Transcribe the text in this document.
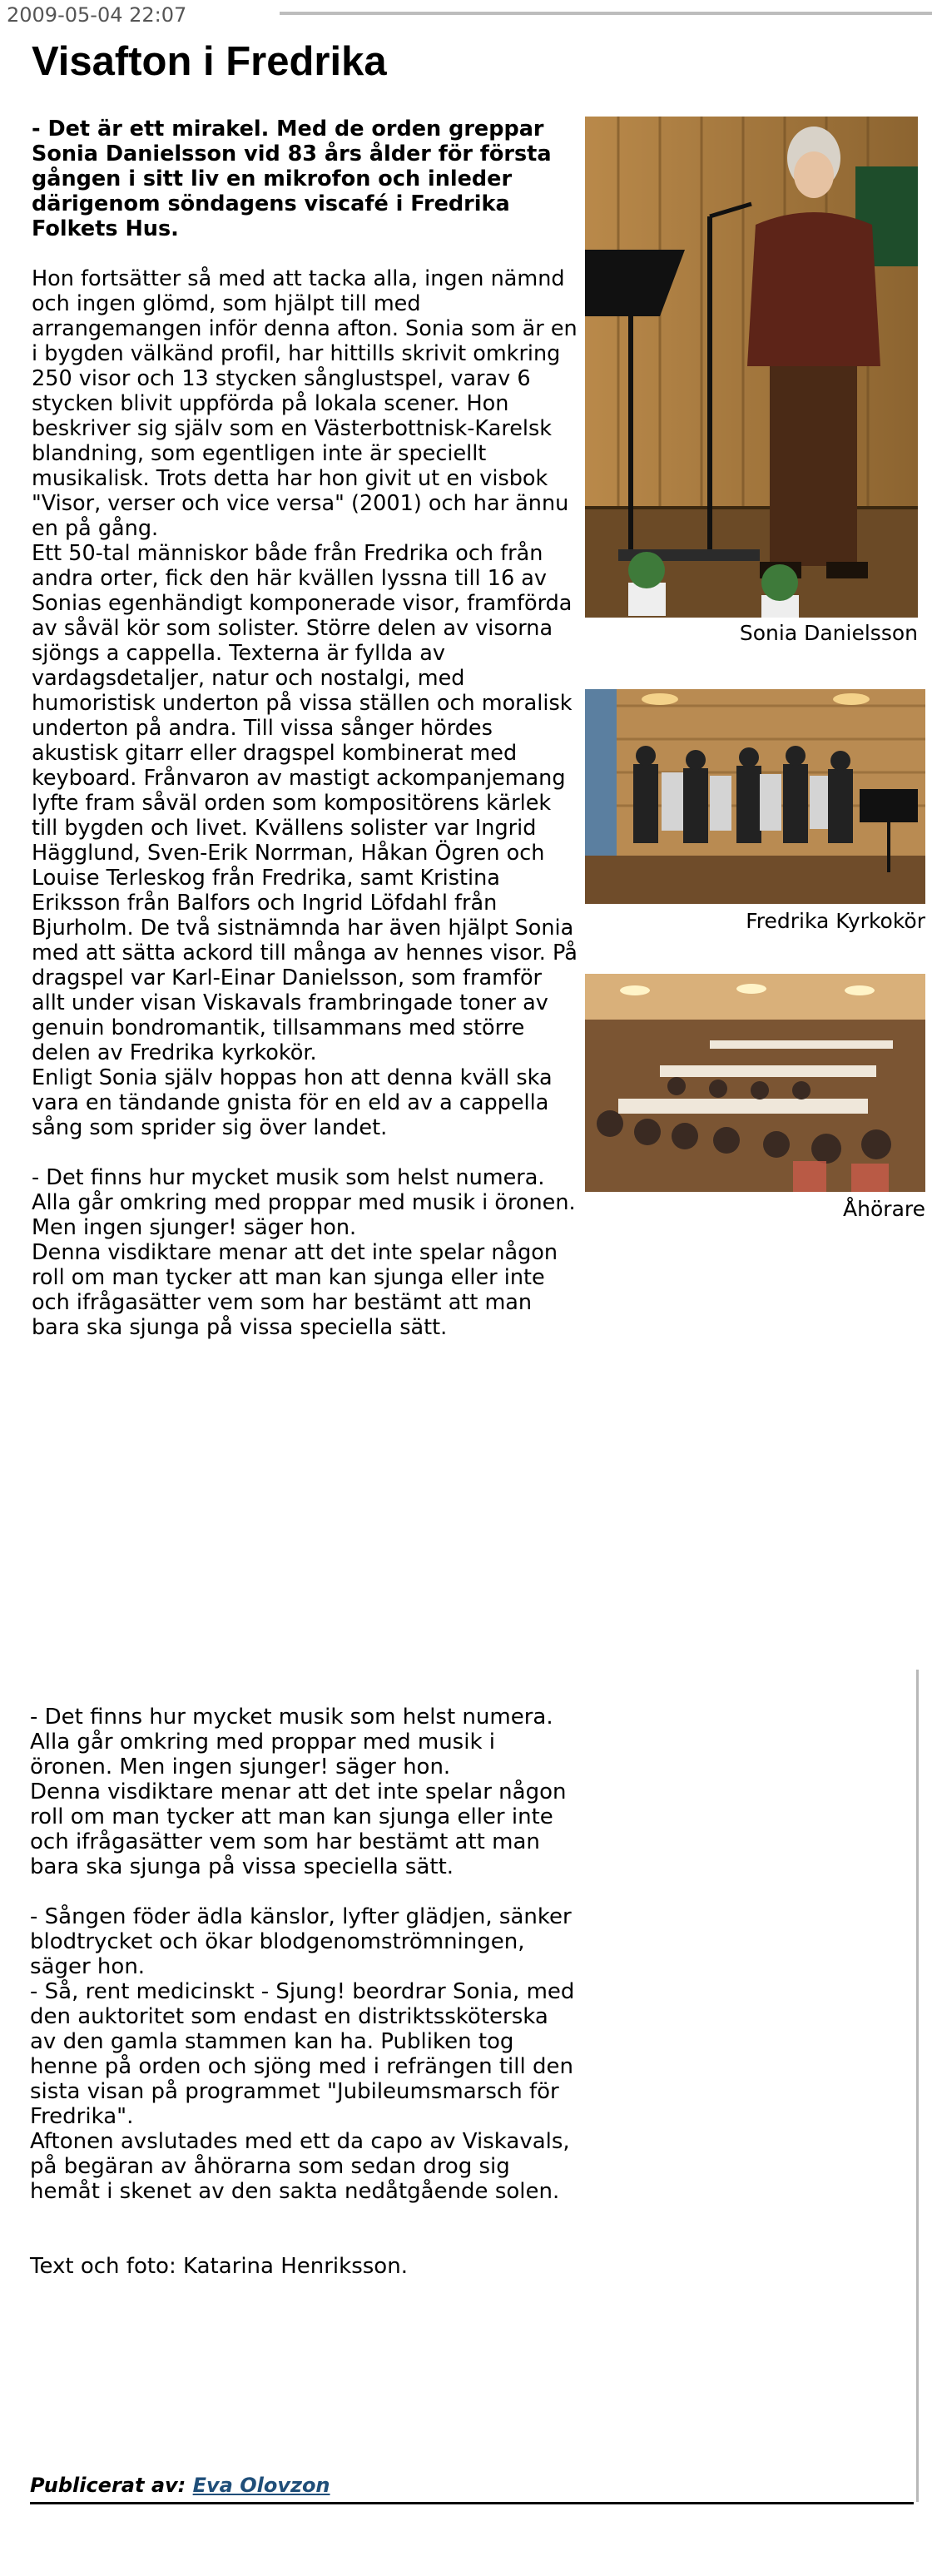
2009-05-04 22:07
Visafton i Fredrika

- Det är ett mirakel. Med de orden greppar Sonia Danielsson vid 83 års ålder för första gången i sitt liv en mikrofon och inleder därigenom söndagens viscafé i Fredrika Folkets Hus.

Hon fortsätter så med att tacka alla, ingen nämnd och ingen glömd, som hjälpt till med arrangemangen inför denna afton. Sonia som är en i bygden välkänd profil, har hittills skrivit omkring 250 visor och 13 stycken sånglustspel, varav 6 stycken blivit uppförda på lokala scener. Hon beskriver sig själv som en Västerbottnisk-Karelsk blandning, som egentligen inte är speciellt musikalisk. Trots detta har hon givit ut en visbok "Visor, verser och vice versa" (2001) och har ännu en på gång.

Ett 50-tal människor både från Fredrika och från andra orter, fick den här kvällen lyssna till 16 av Sonias egenhändigt komponerade visor, framförda av såväl kör som solister. Större delen av visorna sjöngs a cappella. Texterna är fyllda av vardagsdetaljer, natur och nostalgi, med humoristisk underton på vissa ställen och moralisk underton på andra. Till vissa sånger hördes akustisk gitarr eller dragspel kombinerat med keyboard. Frånvaron av mastigt ackompanjemang lyfte fram såväl orden som kompositörens kärlek till bygden och livet. Kvällens solister var Ingrid Hägglund, Sven-Erik Norrman, Håkan Ögren och Louise Terleskog från Fredrika, samt Kristina Eriksson från Balfors och Ingrid Löfdahl från Bjurholm. De två sistnämnda har även hjälpt Sonia med att sätta ackord till många av hennes visor. På dragspel var Karl-Einar Danielsson, som framför allt under visan Viskavals frambringade toner av genuin bondromantik, tillsammans med större delen av Fredrika kyrkokör.

Enligt Sonia själv hoppas hon att denna kväll ska vara en tändande gnista för en eld av a cappella sång som sprider sig över landet.

- Det finns hur mycket musik som helst numera. Alla går omkring med proppar med musik i öronen. Men ingen sjunger! säger hon.

Denna visdiktare menar att det inte spelar någon roll om man tycker att man kan sjunga eller inte och ifrågasätter vem som har bestämt att man bara ska sjunga på vissa speciella sätt.

Sonia Danielsson
Fredrika Kyrkokör
Åhörare

- Det finns hur mycket musik som helst numera. Alla går omkring med proppar med musik i öronen. Men ingen sjunger! säger hon.

Denna visdiktare menar att det inte spelar någon roll om man tycker att man kan sjunga eller inte och ifrågasätter vem som har bestämt att man bara ska sjunga på vissa speciella sätt.

- Sången föder ädla känslor, lyfter glädjen, sänker blodtrycket och ökar blodgenomströmningen, säger hon.

- Så, rent medicinskt - Sjung! beordrar Sonia, med den auktoritet som endast en distriktssköterska av den gamla stammen kan ha. Publiken tog henne på orden och sjöng med i refrängen till den sista visan på programmet "Jubileumsmarsch för Fredrika".

Aftonen avslutades med ett da capo av Viskavals, på begäran av åhörarna som sedan drog sig hemåt i skenet av den sakta nedåtgående solen.

Text och foto: Katarina Henriksson.

Publicerat av: Eva Olovzon
